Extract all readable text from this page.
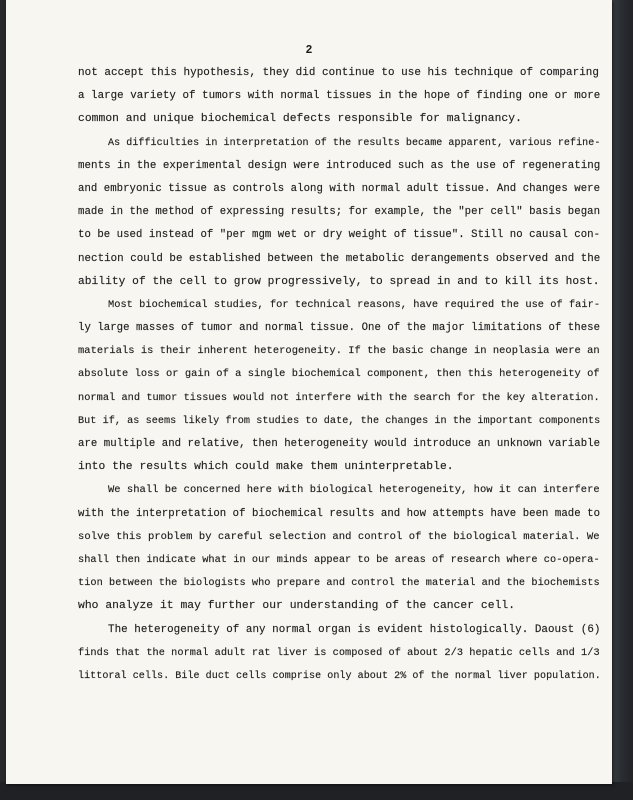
2
not accept this hypothesis, they did continue to use his technique of comparing
a large variety of tumors with normal tissues in the hope of finding one or more
common and unique biochemical defects responsible for malignancy.
As difficulties in interpretation of the results became apparent, various refine-
ments in the experimental design were introduced such as the use of regenerating
and embryonic tissue as controls along with normal adult tissue. And changes were
made in the method of expressing results; for example, the "per cell" basis began
to be used instead of "per mgm wet or dry weight of tissue". Still no causal con-
nection could be established between the metabolic derangements observed and the
ability of the cell to grow progressively, to spread in and to kill its host.
Most biochemical studies, for technical reasons, have required the use of fair-
ly large masses of tumor and normal tissue. One of the major limitations of these
materials is their inherent heterogeneity. If the basic change in neoplasia were an
absolute loss or gain of a single biochemical component, then this heterogeneity of
normal and tumor tissues would not interfere with the search for the key alteration.
But if, as seems likely from studies to date, the changes in the important components
are multiple and relative, then heterogeneity would introduce an unknown variable
into the results which could make them uninterpretable.
We shall be concerned here with biological heterogeneity, how it can interfere
with the interpretation of biochemical results and how attempts have been made to
solve this problem by careful selection and control of the biological material. We
shall then indicate what in our minds appear to be areas of research where co-opera-
tion between the biologists who prepare and control the material and the biochemists
who analyze it may further our understanding of the cancer cell.
The heterogeneity of any normal organ is evident histologically. Daoust (6)
finds that the normal adult rat liver is composed of about 2/3 hepatic cells and 1/3
littoral cells. Bile duct cells comprise only about 2% of the normal liver population.
